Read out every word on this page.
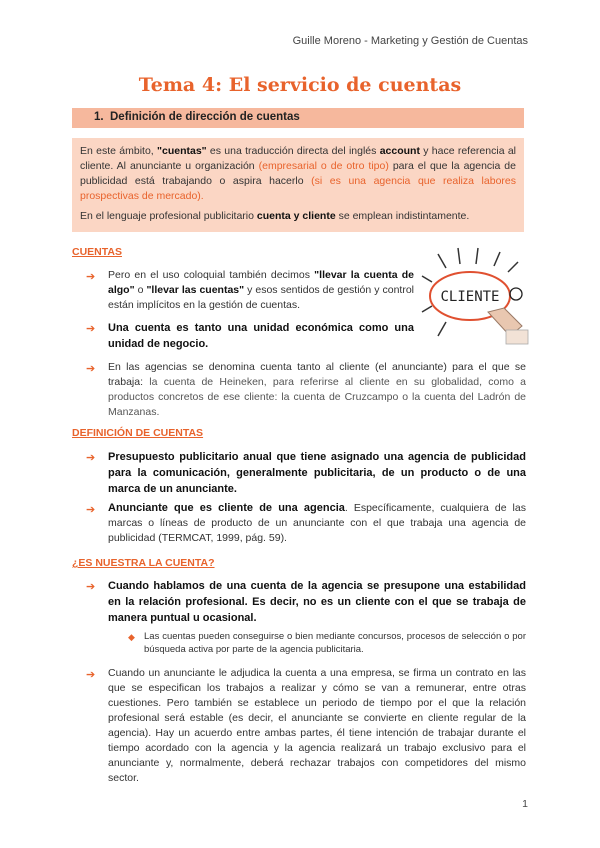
Guille Moreno - Marketing y Gestión de Cuentas
Tema 4: El servicio de cuentas
1. Definición de dirección de cuentas
En este ámbito, "cuentas" es una traducción directa del inglés account y hace referencia al cliente. Al anunciante u organización (empresarial o de otro tipo) para el que la agencia de publicidad está trabajando o aspira hacerlo (si es una agencia que realiza labores prospectivas de mercado).
En el lenguaje profesional publicitario cuenta y cliente se emplean indistintamente.
CUENTAS
➔ Pero en el uso coloquial también decimos "llevar la cuenta de algo" o "llevar las cuentas" y esos sentidos de gestión y control están implícitos en la gestión de cuentas.
➔ Una cuenta es tanto una unidad económica como una unidad de negocio.
CLIENTE
➔ En las agencias se denomina cuenta tanto al cliente (el anunciante) para el que se trabaja: la cuenta de Heineken, para referirse al cliente en su globalidad, como a productos concretos de ese cliente: la cuenta de Cruzcampo o la cuenta del Ladrón de Manzanas.
DEFINICIÓN DE CUENTAS
➔ Presupuesto publicitario anual que tiene asignado una agencia de publicidad para la comunicación, generalmente publicitaria, de un producto o de una marca de un anunciante.
➔ Anunciante que es cliente de una agencia. Específicamente, cualquiera de las marcas o líneas de producto de un anunciante con el que trabaja una agencia de publicidad (TERMCAT, 1999, pág. 59).
¿ES NUESTRA LA CUENTA?
➔ Cuando hablamos de una cuenta de la agencia se presupone una estabilidad en la relación profesional. Es decir, no es un cliente con el que se trabaja de manera puntual u ocasional.
◆ Las cuentas pueden conseguirse o bien mediante concursos, procesos de selección o por búsqueda activa por parte de la agencia publicitaria.
➔ Cuando un anunciante le adjudica la cuenta a una empresa, se firma un contrato en las que se especifican los trabajos a realizar y cómo se van a remunerar, entre otras cuestiones. Pero también se establece un periodo de tiempo por el que la relación profesional será estable (es decir, el anunciante se convierte en cliente regular de la agencia). Hay un acuerdo entre ambas partes, él tiene intención de trabajar durante el tiempo acordado con la agencia y la agencia realizará un trabajo exclusivo para el anunciante y, normalmente, deberá rechazar trabajos con competidores del mismo sector.
1
